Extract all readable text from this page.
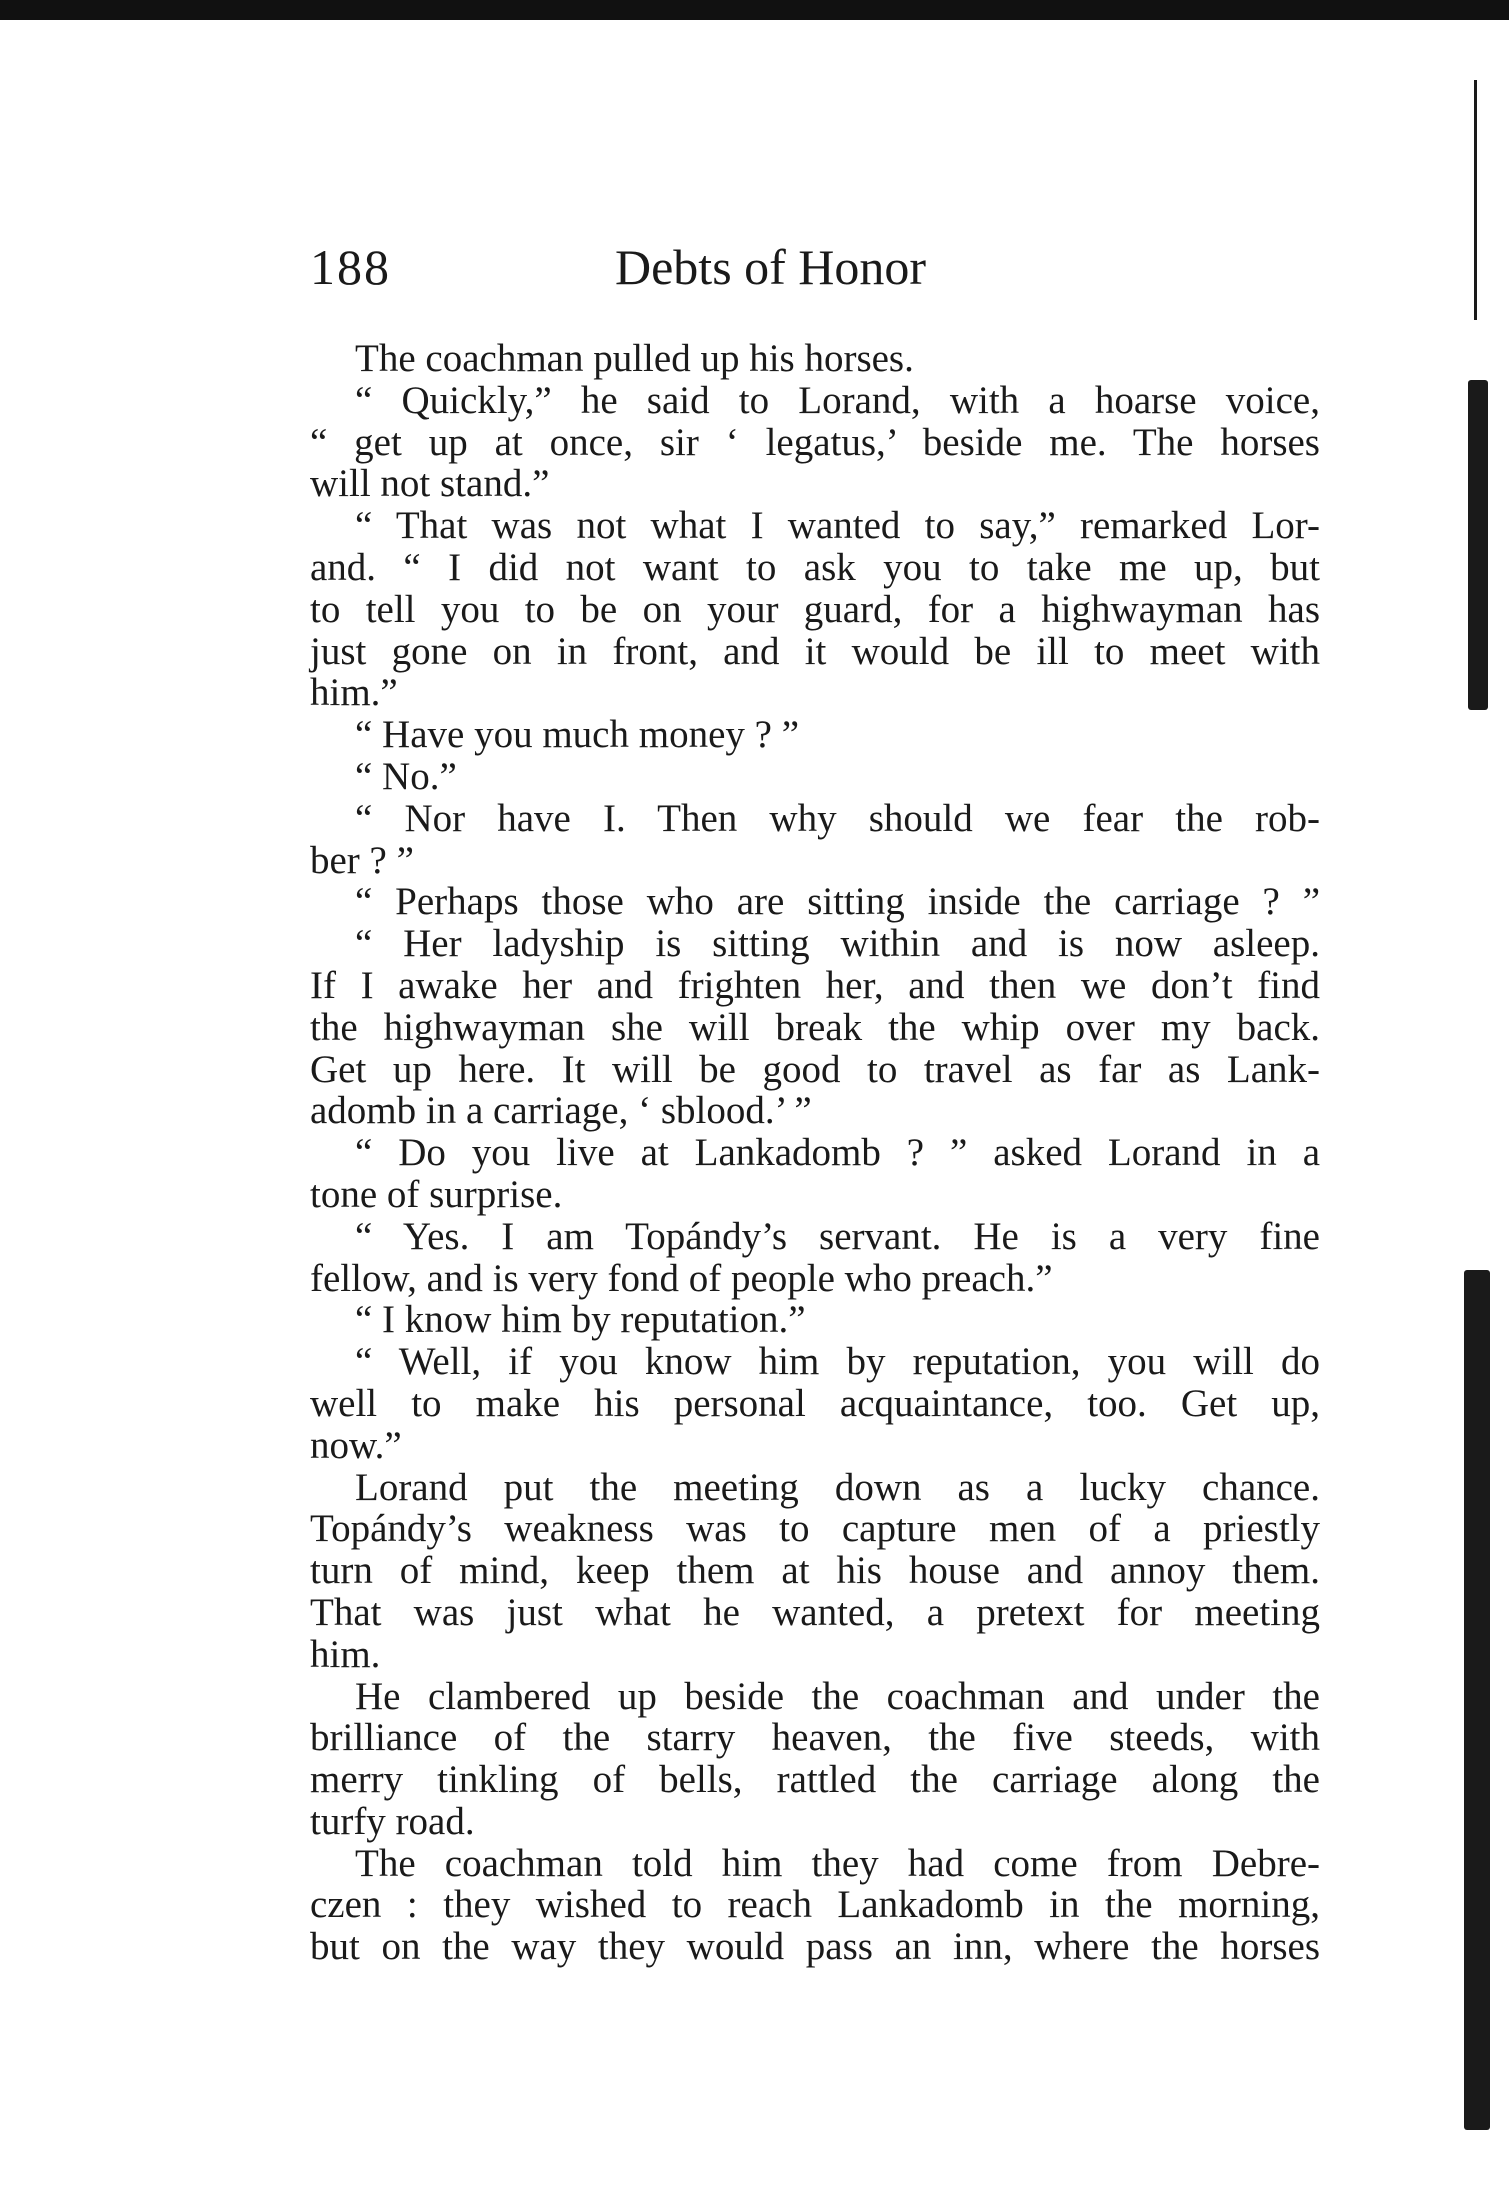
188	Debts of Honor
The coachman pulled up his horses.
“ Quickly,” he said to Lorand, with a hoarse voice,
“ get up at once, sir ‘ legatus,’ beside me. The horses
will not stand.”
“ That was not what I wanted to say,” remarked Lor-
and. “ I did not want to ask you to take me up, but
to tell you to be on your guard, for a highwayman has
just gone on in front, and it would be ill to meet with
him.”
“ Have you much money ? ”
“ No.”
“ Nor have I. Then why should we fear the rob-
ber ? ”
“ Perhaps those who are sitting inside the carriage ? ”
“ Her ladyship is sitting within and is now asleep.
If I awake her and frighten her, and then we don’t find
the highwayman she will break the whip over my back.
Get up here. It will be good to travel as far as Lank-
adomb in a carriage, ‘ sblood.’ ”
“ Do you live at Lankadomb ? ” asked Lorand in a
tone of surprise.
“ Yes. I am Topándy’s servant. He is a very fine
fellow, and is very fond of people who preach.”
“ I know him by reputation.”
“ Well, if you know him by reputation, you will do
well to make his personal acquaintance, too. Get up,
now.”
Lorand put the meeting down as a lucky chance.
Topándy’s weakness was to capture men of a priestly
turn of mind, keep them at his house and annoy them.
That was just what he wanted, a pretext for meeting
him.
He clambered up beside the coachman and under the
brilliance of the starry heaven, the five steeds, with
merry tinkling of bells, rattled the carriage along the
turfy road.
The coachman told him they had come from Debre-
czen : they wished to reach Lankadomb in the morning,
but on the way they would pass an inn, where the horses
